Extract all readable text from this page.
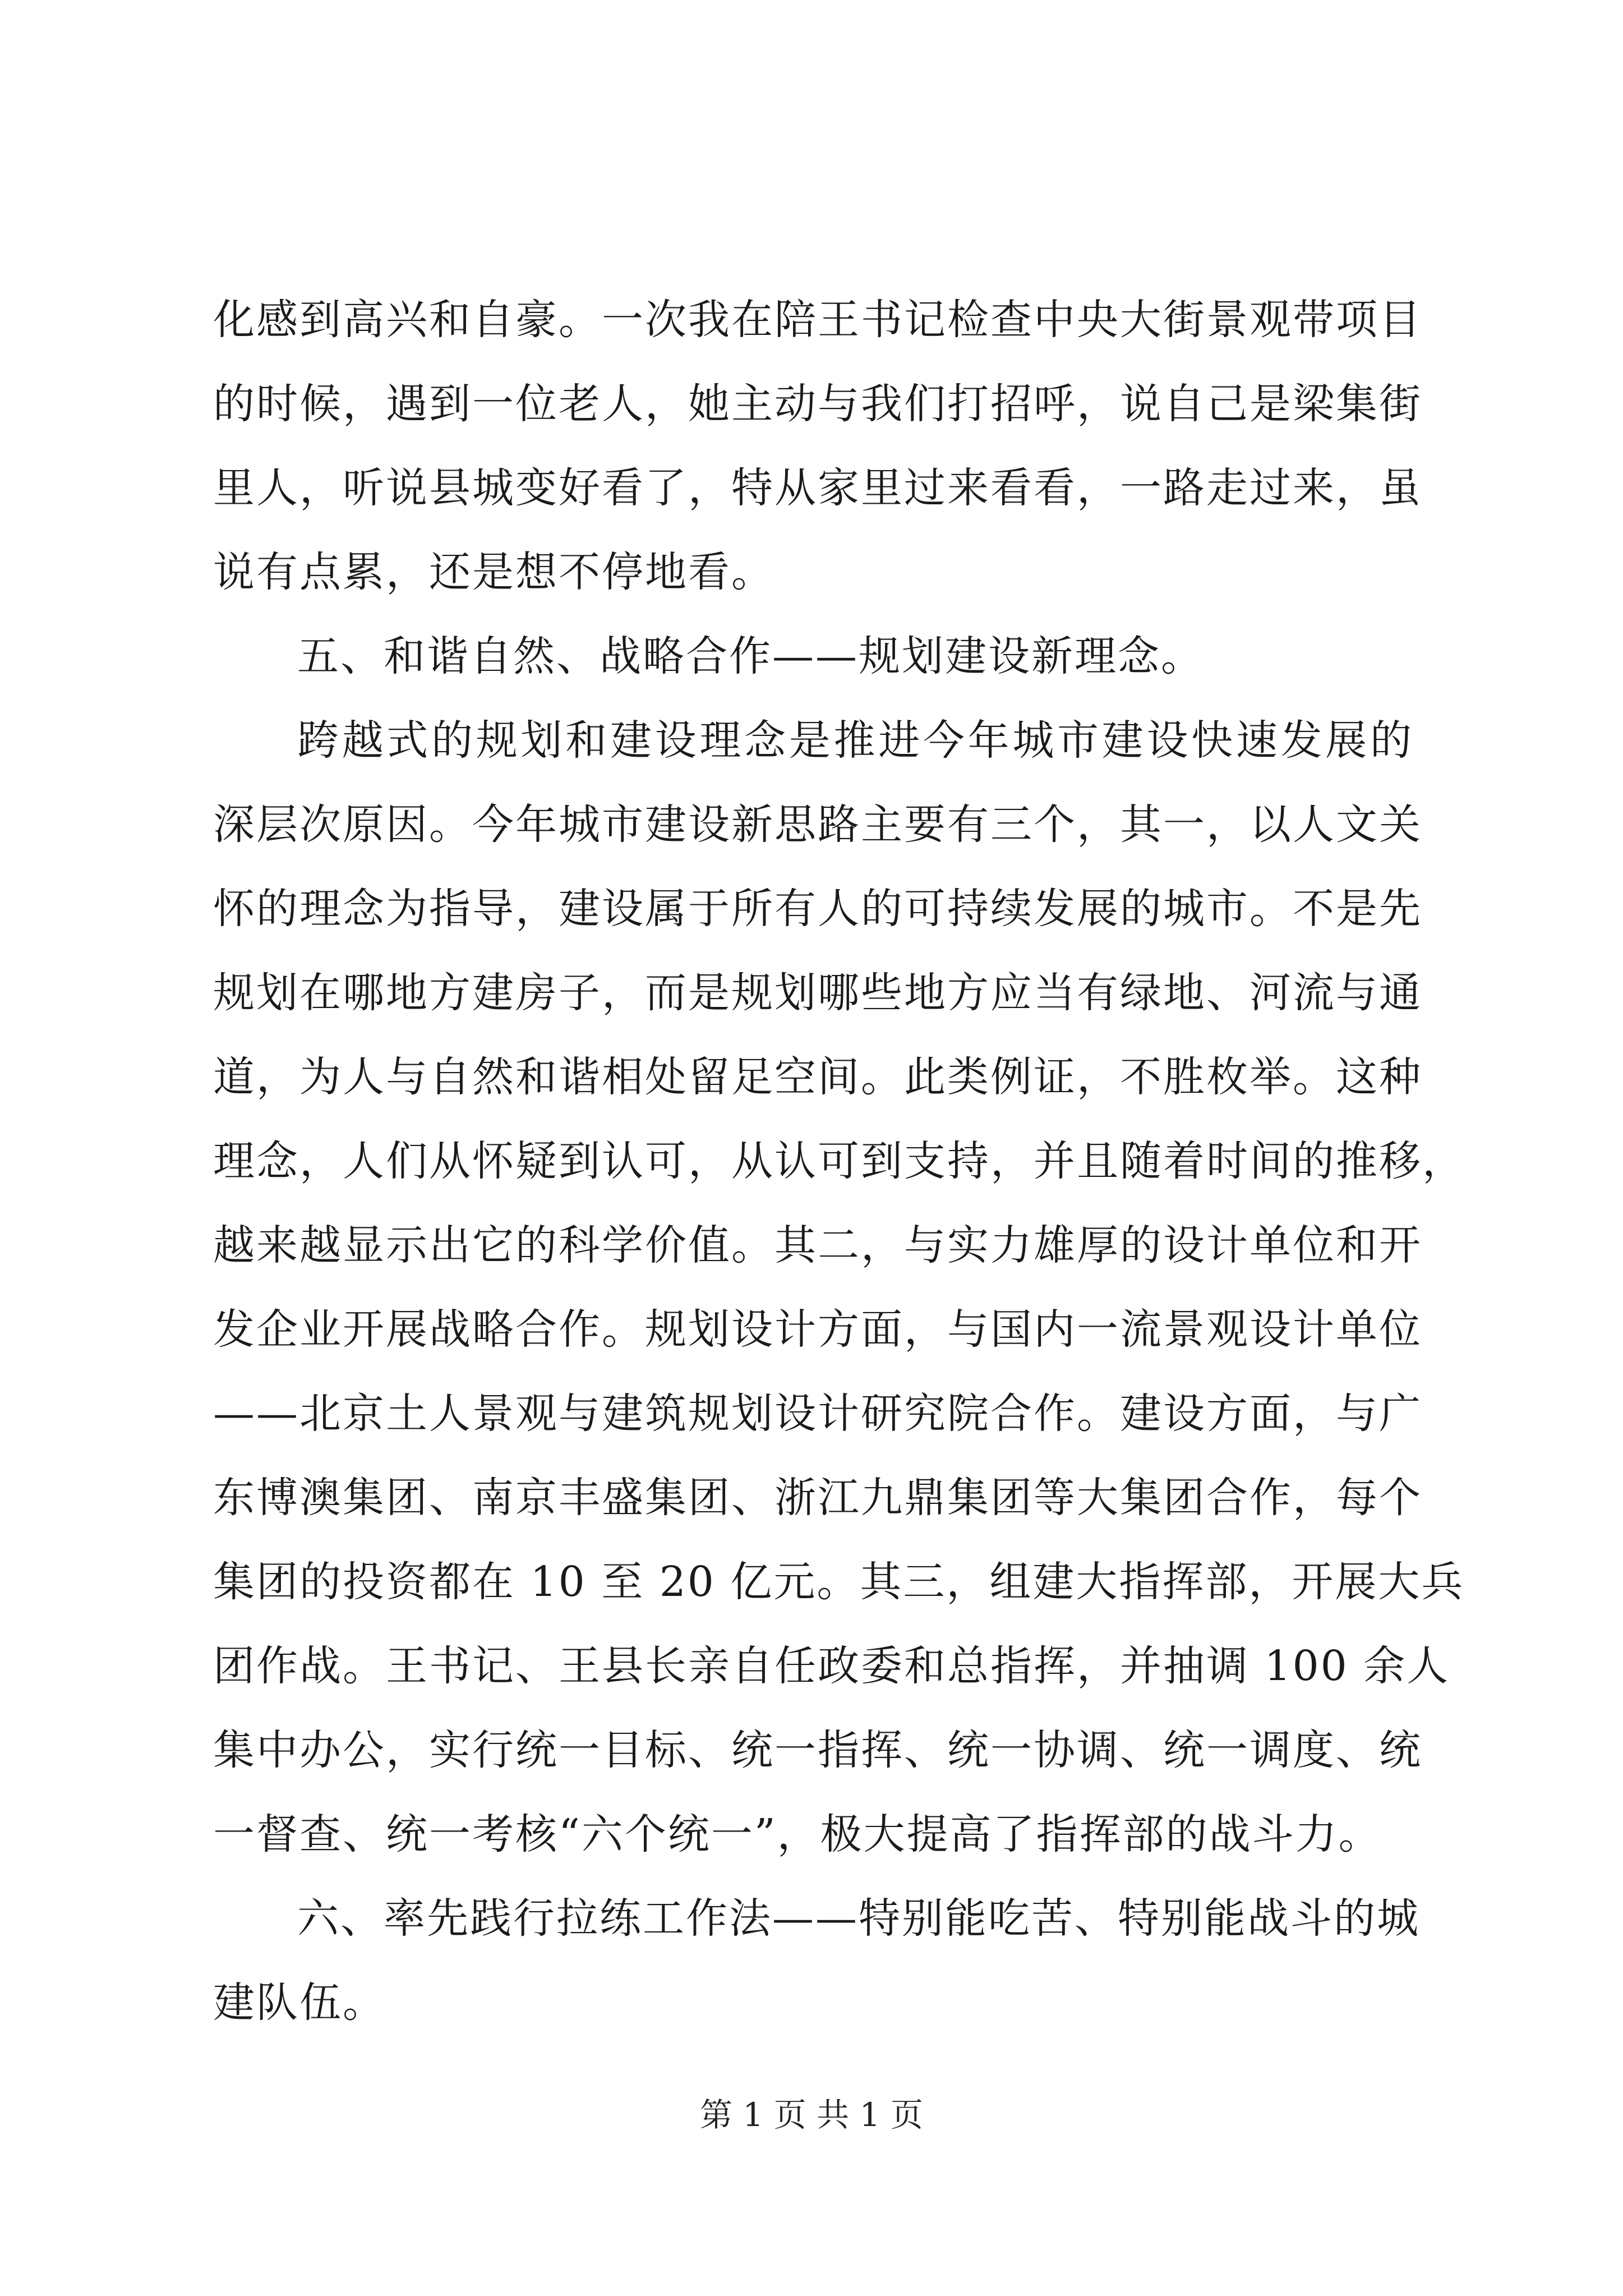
化感到高兴和自豪。一次我在陪王书记检查中央大街景观带项目
的时候，遇到一位老人，她主动与我们打招呼，说自己是梁集街
里人，听说县城变好看了，特从家里过来看看，一路走过来，虽
说有点累，还是想不停地看。
五、和谐自然、战略合作——规划建设新理念。
跨越式的规划和建设理念是推进今年城市建设快速发展的
深层次原因。今年城市建设新思路主要有三个，其一，以人文关
怀的理念为指导，建设属于所有人的可持续发展的城市。不是先
规划在哪地方建房子，而是规划哪些地方应当有绿地、河流与通
道，为人与自然和谐相处留足空间。此类例证，不胜枚举。这种
理念，人们从怀疑到认可，从认可到支持，并且随着时间的推移，
越来越显示出它的科学价值。其二，与实力雄厚的设计单位和开
发企业开展战略合作。规划设计方面，与国内一流景观设计单位
——北京土人景观与建筑规划设计研究院合作。建设方面，与广
东博澳集团、南京丰盛集团、浙江九鼎集团等大集团合作，每个
集团的投资都在 10 至 20 亿元。其三，组建大指挥部，开展大兵
团作战。王书记、王县长亲自任政委和总指挥，并抽调 100 余人
集中办公，实行统一目标、统一指挥、统一协调、统一调度、统
一督查、统一考核“六个统一”，极大提高了指挥部的战斗力。
六、率先践行拉练工作法——特别能吃苦、特别能战斗的城
建队伍。
第 1 页 共 1 页
